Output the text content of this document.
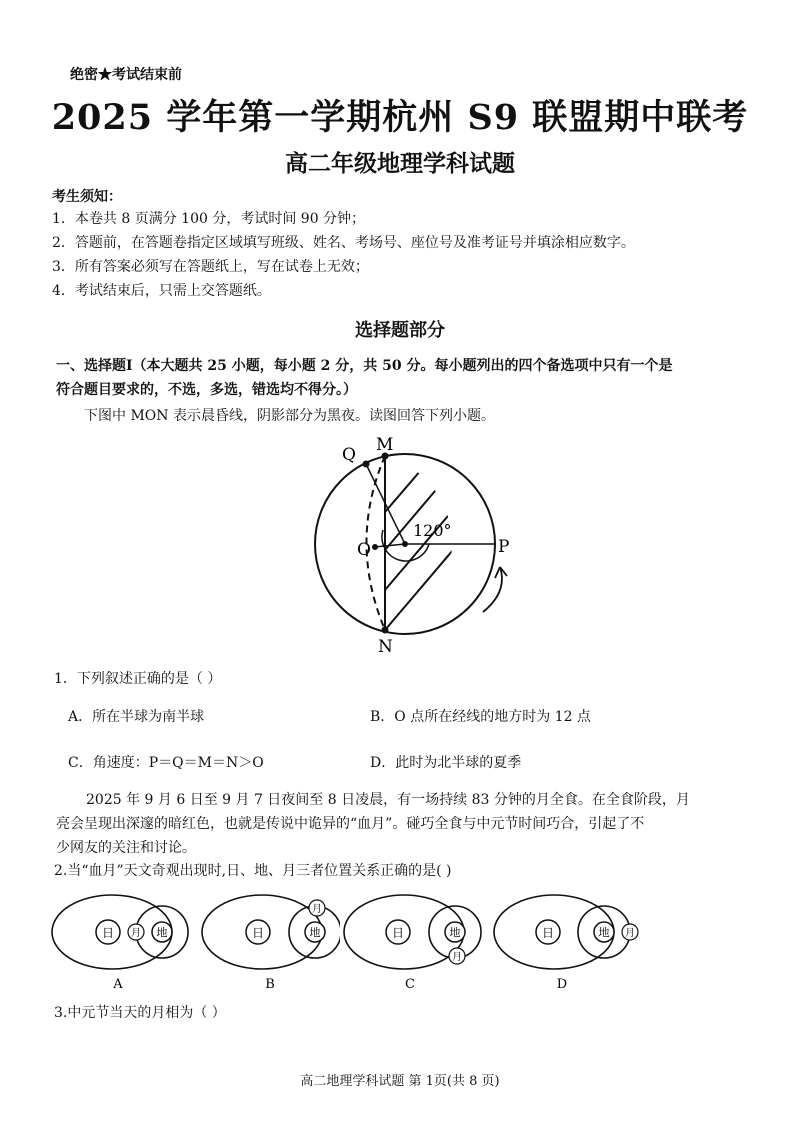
绝密★考试结束前
2025 学年第一学期杭州 S9 联盟期中联考
高二年级地理学科试题
考生须知：
1．本卷共 8 页满分 100 分，考试时间 90 分钟；
2．答题前，在答题卷指定区域填写班级、姓名、考场号、座位号及准考证号并填涂相应数字。
3．所有答案必须写在答题纸上，写在试卷上无效；
4．考试结束后，只需上交答题纸。
选择题部分
一、选择题Ⅰ（本大题共 25 小题，每小题 2 分，共 50 分。每小题列出的四个备选项中只有一个是
符合题目要求的，不选，多选，错选均不得分。）
下图中 MON 表示晨昏线，阴影部分为黑夜。读图回答下列小题。
Q M
O	P
N
120°
1．下列叙述正确的是（ ）
A．所在半球为南半球	B．O 点所在经线的地方时为 12 点
C．角速度：P＝Q＝M＝N＞O	D．此时为北半球的夏季
2025 年 9 月 6 日至 9 月 7 日夜间至 8 日凌晨，有一场持续 83 分钟的月全食。在全食阶段，月
亮会呈现出深邃的暗红色，也就是传说中诡异的“血月”。碰巧全食与中元节时间巧合，引起了不
少网友的关注和讨论。
2.当“血月”天文奇观出现时,日、地、月三者位置关系正确的是( )
日 月 地
A
日	地
月
B
日	地
月
C
日	地 月
D
3.中元节当天的月相为（ ）
高二地理学科试题 第 1页(共 8 页)
